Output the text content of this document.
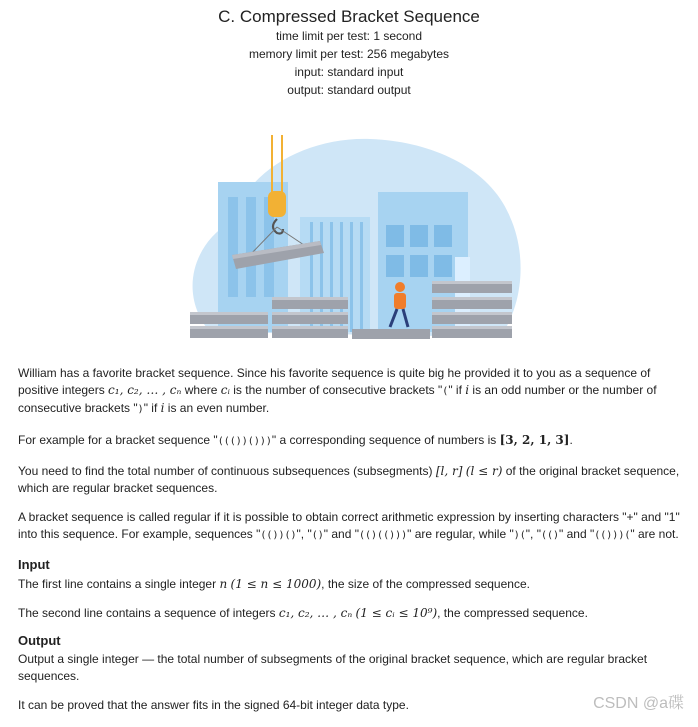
C. Compressed Bracket Sequence
time limit per test: 1 second
memory limit per test: 256 megabytes
input: standard input
output: standard output

William has a favorite bracket sequence. Since his favorite sequence is quite big he provided it to you as a sequence of positive integers c₁, c₂, … , cₙ where cᵢ is the number of consecutive brackets "(" if i is an odd number or the number of consecutive brackets ")" if i is an even number.

For example for a bracket sequence "((())()))" a corresponding sequence of numbers is [3, 2, 1, 3].

You need to find the total number of continuous subsequences (subsegments) [l, r] (l ≤ r) of the original bracket sequence, which are regular bracket sequences.

A bracket sequence is called regular if it is possible to obtain correct arithmetic expression by inserting characters "+" and "1" into this sequence. For example, sequences "(())()", "()" and "(()(()))" are regular, while ")(", "(()" and "(()))(" are not.

Input

The first line contains a single integer n (1 ≤ n ≤ 1000), the size of the compressed sequence.

The second line contains a sequence of integers c₁, c₂, … , cₙ (1 ≤ cᵢ ≤ 10⁹), the compressed sequence.

Output

Output a single integer — the total number of subsegments of the original bracket sequence, which are regular bracket sequences.

It can be proved that the answer fits in the signed 64-bit integer data type.	CSDN @a碟
